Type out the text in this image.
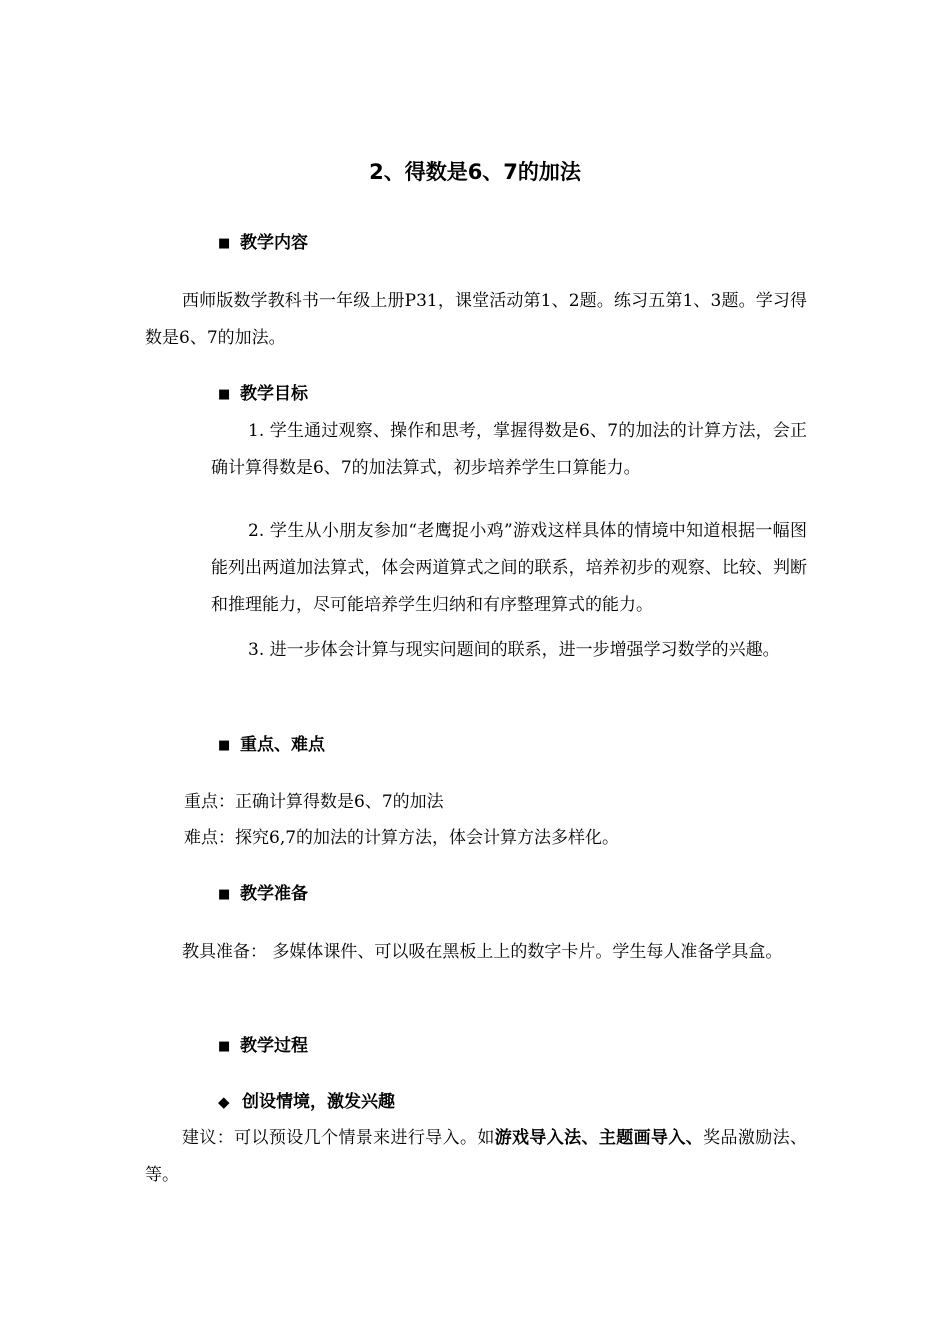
2、得数是6、7的加法
■ 教学内容
西师版数学教科书一年级上册P31，课堂活动第1、2题。练习五第1、3题。学习得数是6、7的加法。
■ 教学目标
1. 学生通过观察、操作和思考，掌握得数是6、7的加法的计算方法，会正确计算得数是6、7的加法算式，初步培养学生口算能力。
2. 学生从小朋友参加“老鹰捉小鸡”游戏这样具体的情境中知道根据一幅图能列出两道加法算式，体会两道算式之间的联系，培养初步的观察、比较、判断和推理能力，尽可能培养学生归纳和有序整理算式的能力。
3. 进一步体会计算与现实问题间的联系，进一步增强学习数学的兴趣。
■ 重点、难点
重点：正确计算得数是6、7的加法
难点：探究6,7的加法的计算方法，体会计算方法多样化。
■ 教学准备
教具准备： 多媒体课件、可以吸在黑板上上的数字卡片。学生每人准备学具盒。
■ 教学过程
◆ 创设情境，激发兴趣
建议：可以预设几个情景来进行导入。如游戏导入法、主题画导入、奖品激励法、等。
